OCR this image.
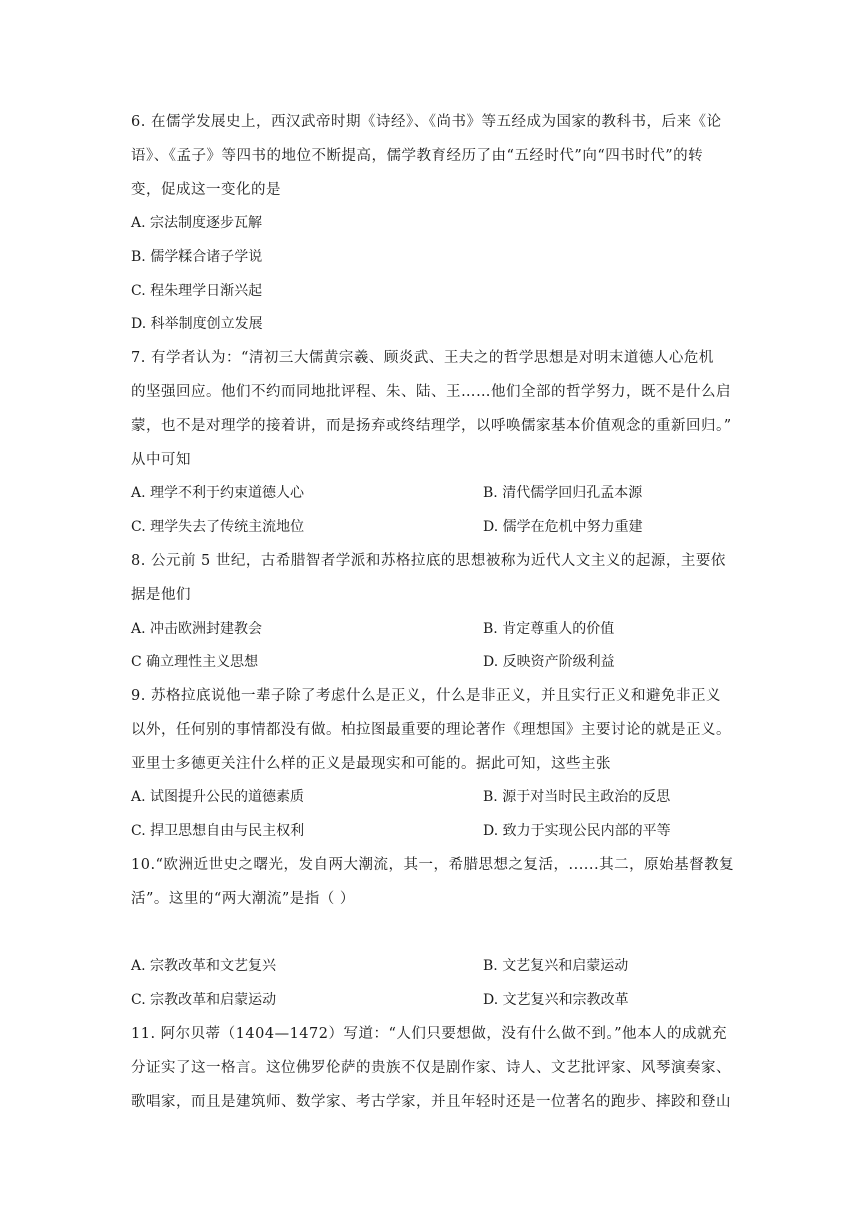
6. 在儒学发展史上，西汉武帝时期《诗经》、《尚书》等五经成为国家的教科书，后来《论
语》、《孟子》等四书的地位不断提高，儒学教育经历了由“五经时代”向“四书时代”的转
变，促成这一变化的是
A. 宗法制度逐步瓦解
B. 儒学糅合诸子学说
C. 程朱理学日渐兴起
D. 科举制度创立发展
7. 有学者认为：“清初三大儒黄宗羲、顾炎武、王夫之的哲学思想是对明末道德人心危机
的坚强回应。他们不约而同地批评程、朱、陆、王……他们全部的哲学努力，既不是什么启
蒙，也不是对理学的接着讲，而是扬弃或终结理学，以呼唤儒家基本价值观念的重新回归。”
从中可知
A. 理学不利于约束道德人心	B. 清代儒学回归孔孟本源
C. 理学失去了传统主流地位	D. 儒学在危机中努力重建
8. 公元前 5 世纪，古希腊智者学派和苏格拉底的思想被称为近代人文主义的起源，主要依
据是他们
A. 冲击欧洲封建教会	B. 肯定尊重人的价值
C 确立理性主义思想	D. 反映资产阶级利益
9. 苏格拉底说他一辈子除了考虑什么是正义，什么是非正义，并且实行正义和避免非正义
以外，任何别的事情都没有做。柏拉图最重要的理论著作《理想国》主要讨论的就是正义。
亚里士多德更关注什么样的正义是最现实和可能的。据此可知，这些主张
A. 试图提升公民的道德素质	B. 源于对当时民主政治的反思
C. 捍卫思想自由与民主权利	D. 致力于实现公民内部的平等
10.“欧洲近世史之曙光，发自两大潮流，其一，希腊思想之复活，......其二，原始基督教复
活”。这里的“两大潮流”是指（ ）
A. 宗教改革和文艺复兴	B. 文艺复兴和启蒙运动
C. 宗教改革和启蒙运动	D. 文艺复兴和宗教改革
11. 阿尔贝蒂（1404—1472）写道：“人们只要想做，没有什么做不到。”他本人的成就充
分证实了这一格言。这位佛罗伦萨的贵族不仅是剧作家、诗人、文艺批评家、风琴演奏家、
歌唱家，而且是建筑师、数学家、考古学家，并且年轻时还是一位著名的跑步、摔跤和登山
